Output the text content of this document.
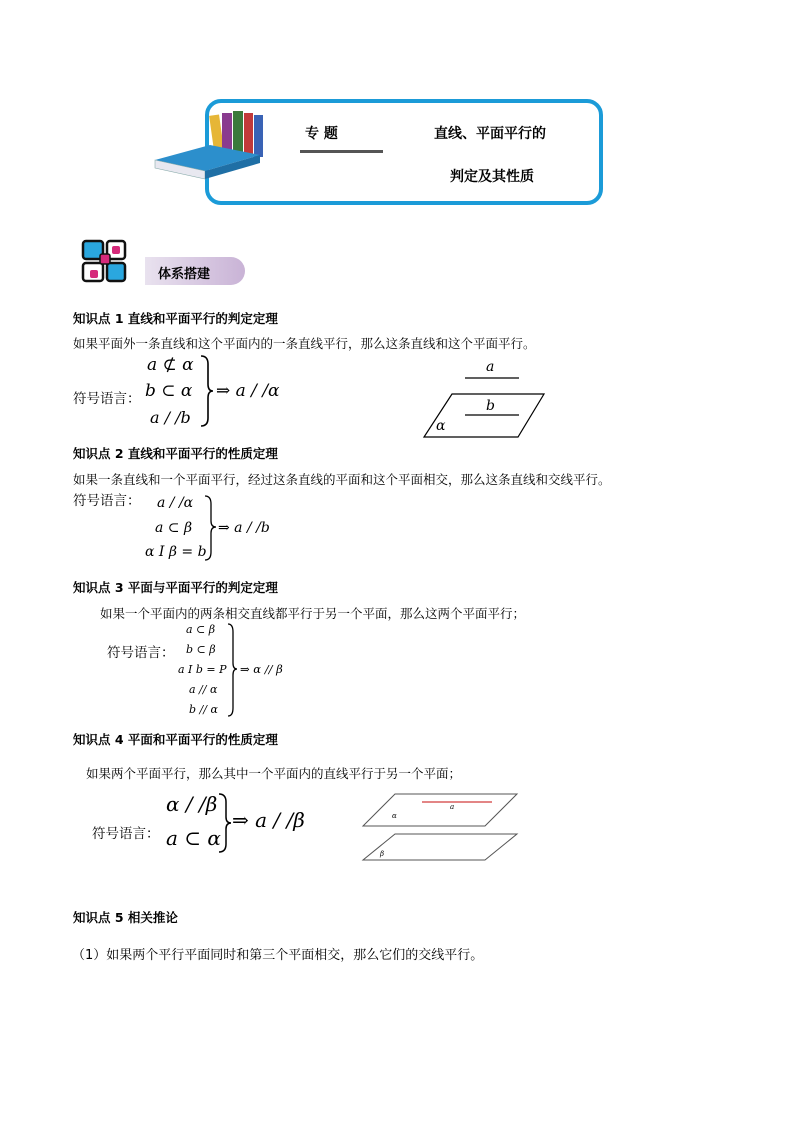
专 题	直线、平面平行的
判定及其性质
体系搭建
知识点 1 直线和平面平行的判定定理
如果平面外一条直线和这个平面内的一条直线平行，那么这条直线和这个平面平行。
符号语言：
a ⊄ α
b ⊂ α
a / /b
⇒ a / /α
a
b
α
知识点 2 直线和平面平行的性质定理
如果一条直线和一个平面平行，经过这条直线的平面和这个平面相交，那么这条直线和交线平行。
符号语言： a / /α
a ⊂ β
α I β = b
⇒ a / /b
知识点 3 平面与平面平行的判定定理
如果一个平面内的两条相交直线都平行于另一个平面，那么这两个平面平行；
符号语言：
a ⊂ β
b ⊂ β
a I b = P
a // α
b // α
⇒ α // β
知识点 4 平面和平面平行的性质定理
如果两个平面平行，那么其中一个平面内的直线平行于另一个平面；
符号语言：
α / /β
a ⊂ α
⇒ a / /β
a
α
β
知识点 5 相关推论
（1）如果两个平行平面同时和第三个平面相交，那么它们的交线平行。
